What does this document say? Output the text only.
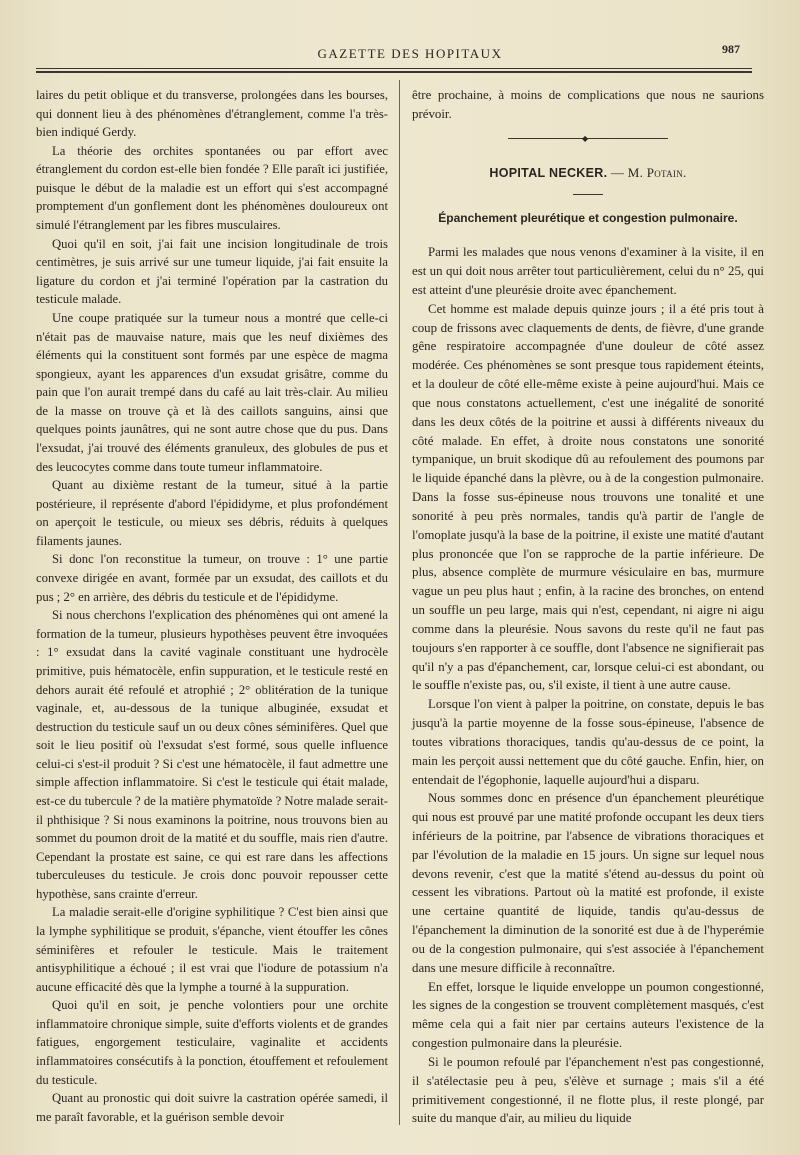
GAZETTE DES HOPITAUX	987

laires du petit oblique et du transverse, prolongées dans les bourses, qui donnent lieu à des phénomènes d'étranglement, comme l'a très-bien indiqué Gerdy.

La théorie des orchites spontanées ou par effort avec étranglement du cordon est-elle bien fondée ? Elle paraît ici justifiée, puisque le début de la maladie est un effort qui s'est accompagné promptement d'un gonflement dont les phénomènes douloureux ont simulé l'étranglement par les fibres musculaires.

Quoi qu'il en soit, j'ai fait une incision longitudinale de trois centimètres, je suis arrivé sur une tumeur liquide, j'ai fait ensuite la ligature du cordon et j'ai terminé l'opération par la castration du testicule malade.

Une coupe pratiquée sur la tumeur nous a montré que celle-ci n'était pas de mauvaise nature, mais que les neuf dixièmes des éléments qui la constituent sont formés par une espèce de magma spongieux, ayant les apparences d'un exsudat grisâtre, comme du pain que l'on aurait trempé dans du café au lait très-clair. Au milieu de la masse on trouve çà et là des caillots sanguins, ainsi que quelques points jaunâtres, qui ne sont autre chose que du pus. Dans l'exsudat, j'ai trouvé des éléments granuleux, des globules de pus et des leucocytes comme dans toute tumeur inflammatoire.

Quant au dixième restant de la tumeur, situé à la partie postérieure, il représente d'abord l'épididyme, et plus profondément on aperçoit le testicule, ou mieux ses débris, réduits à quelques filaments jaunes.

Si donc l'on reconstitue la tumeur, on trouve : 1° une partie convexe dirigée en avant, formée par un exsudat, des caillots et du pus ; 2° en arrière, des débris du testicule et de l'épididyme.

Si nous cherchons l'explication des phénomènes qui ont amené la formation de la tumeur, plusieurs hypothèses peuvent être invoquées : 1° exsudat dans la cavité vaginale constituant une hydrocèle primitive, puis hématocèle, enfin suppuration, et le testicule resté en dehors aurait été refoulé et atrophié ; 2° oblitération de la tunique vaginale, et, au-dessous de la tunique albuginée, exsudat et destruction du testicule sauf un ou deux cônes séminifères. Quel que soit le lieu positif où l'exsudat s'est formé, sous quelle influence celui-ci s'est-il produit ? Si c'est une hématocèle, il faut admettre une simple affection inflammatoire. Si c'est le testicule qui était malade, est-ce du tubercule ? de la matière phymatoïde ? Notre malade serait-il phthisique ? Si nous examinons la poitrine, nous trouvons bien au sommet du poumon droit de la matité et du souffle, mais rien d'autre. Cependant la prostate est saine, ce qui est rare dans les affections tuberculeuses du testicule. Je crois donc pouvoir repousser cette hypothèse, sans crainte d'erreur.

La maladie serait-elle d'origine syphilitique ? C'est bien ainsi que la lymphe syphilitique se produit, s'épanche, vient étouffer les cônes séminifères et refouler le testicule. Mais le traitement antisyphilitique a échoué ; il est vrai que l'iodure de potassium n'a aucune efficacité dès que la lymphe a tourné à la suppuration.

Quoi qu'il en soit, je penche volontiers pour une orchite inflammatoire chronique simple, suite d'efforts violents et de grandes fatigues, engorgement testiculaire, vaginalite et accidents inflammatoires consécutifs à la ponction, étouffement et refoulement du testicule.

Quant au pronostic qui doit suivre la castration opérée samedi, il me paraît favorable, et la guérison semble devoir

être prochaine, à moins de complications que nous ne saurions prévoir.

◆
HOPITAL NECKER. — M. Potain.
Épanchement pleurétique et congestion pulmonaire.

Parmi les malades que nous venons d'examiner à la visite, il en est un qui doit nous arrêter tout particulièrement, celui du n° 25, qui est atteint d'une pleurésie droite avec épanchement.

Cet homme est malade depuis quinze jours ; il a été pris tout à coup de frissons avec claquements de dents, de fièvre, d'une grande gêne respiratoire accompagnée d'une douleur de côté assez modérée. Ces phénomènes se sont presque tous rapidement éteints, et la douleur de côté elle-même existe à peine aujourd'hui. Mais ce que nous constatons actuellement, c'est une inégalité de sonorité dans les deux côtés de la poitrine et aussi à différents niveaux du côté malade. En effet, à droite nous constatons une sonorité tympanique, un bruit skodique dû au refoulement des poumons par le liquide épanché dans la plèvre, ou à de la congestion pulmonaire. Dans la fosse sus-épineuse nous trouvons une tonalité et une sonorité à peu près normales, tandis qu'à partir de l'angle de l'omoplate jusqu'à la base de la poitrine, il existe une matité d'autant plus prononcée que l'on se rapproche de la partie inférieure. De plus, absence complète de murmure vésiculaire en bas, murmure vague un peu plus haut ; enfin, à la racine des bronches, on entend un souffle un peu large, mais qui n'est, cependant, ni aigre ni aigu comme dans la pleurésie. Nous savons du reste qu'il ne faut pas toujours s'en rapporter à ce souffle, dont l'absence ne signifierait pas qu'il n'y a pas d'épanchement, car, lorsque celui-ci est abondant, ou le souffle n'existe pas, ou, s'il existe, il tient à une autre cause.

Lorsque l'on vient à palper la poitrine, on constate, depuis le bas jusqu'à la partie moyenne de la fosse sous-épineuse, l'absence de toutes vibrations thoraciques, tandis qu'au-dessus de ce point, la main les perçoit aussi nettement que du côté gauche. Enfin, hier, on entendait de l'égophonie, laquelle aujourd'hui a disparu.

Nous sommes donc en présence d'un épanchement pleurétique qui nous est prouvé par une matité profonde occupant les deux tiers inférieurs de la poitrine, par l'absence de vibrations thoraciques et par l'évolution de la maladie en 15 jours. Un signe sur lequel nous devons revenir, c'est que la matité s'étend au-dessus du point où cessent les vibrations. Partout où la matité est profonde, il existe une certaine quantité de liquide, tandis qu'au-dessus de l'épanchement la diminution de la sonorité est due à de l'hyperémie ou de la congestion pulmonaire, qui s'est associée à l'épanchement dans une mesure difficile à reconnaître.

En effet, lorsque le liquide enveloppe un poumon congestionné, les signes de la congestion se trouvent complètement masqués, c'est même cela qui a fait nier par certains auteurs l'existence de la congestion pulmonaire dans la pleurésie.

Si le poumon refoulé par l'épanchement n'est pas congestionné, il s'atélectasie peu à peu, s'élève et surnage ; mais s'il a été primitivement congestionné, il ne flotte plus, il reste plongé, par suite du manque d'air, au milieu du liquide
